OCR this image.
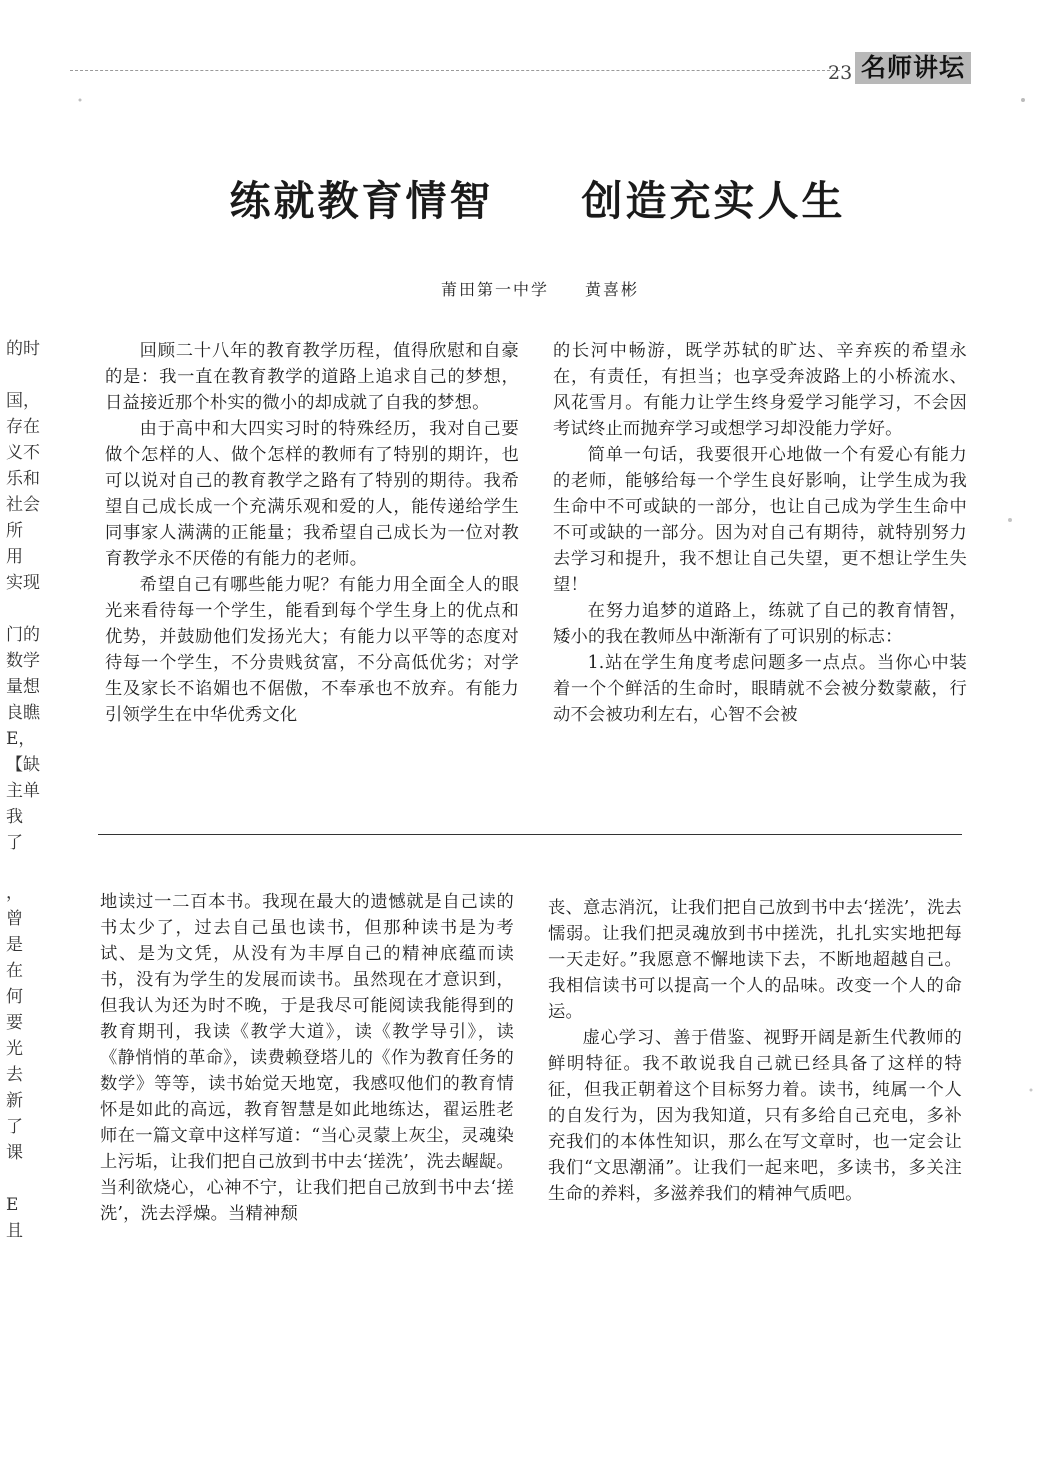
23 名师讲坛
练就教育情智　　创造充实人生
莆田第一中学　　黄喜彬
的时
国，
存在
义不
乐和
社会
所
用
实现
门的
数学
量想
良瞧
E，
【缺
主单
我
了
，
曾
是
在
何
要
光
去
新
了
课
E
且

回顾二十八年的教育教学历程，值得欣慰和自豪的是：我一直在教育教学的道路上追求自己的梦想，日益接近那个朴实的微小的却成就了自我的梦想。

由于高中和大四实习时的特殊经历，我对自己要做个怎样的人、做个怎样的教师有了特别的期许，也可以说对自己的教育教学之路有了特别的期待。我希望自己成长成一个充满乐观和爱的人，能传递给学生同事家人满满的正能量；我希望自己成长为一位对教育教学永不厌倦的有能力的老师。

希望自己有哪些能力呢？有能力用全面全人的眼光来看待每一个学生，能看到每个学生身上的优点和优势，并鼓励他们发扬光大；有能力以平等的态度对待每一个学生，不分贵贱贫富，不分高低优劣；对学生及家长不谄媚也不倨傲，不奉承也不放弃。有能力引领学生在中华优秀文化

的长河中畅游，既学苏轼的旷达、辛弃疾的希望永在，有责任，有担当；也享受奔波路上的小桥流水、风花雪月。有能力让学生终身爱学习能学习，不会因考试终止而抛弃学习或想学习却没能力学好。

简单一句话，我要很开心地做一个有爱心有能力的老师，能够给每一个学生良好影响，让学生成为我生命中不可或缺的一部分，也让自己成为学生生命中不可或缺的一部分。因为对自己有期待，就特别努力去学习和提升，我不想让自己失望，更不想让学生失望！

在努力追梦的道路上，练就了自己的教育情智，矮小的我在教师丛中渐渐有了可识别的标志：

1.站在学生角度考虑问题多一点点。当你心中装着一个个鲜活的生命时，眼睛就不会被分数蒙蔽，行动不会被功利左右，心智不会被

地读过一二百本书。我现在最大的遗憾就是自己读的书太少了，过去自己虽也读书，但那种读书是为考试、是为文凭，从没有为丰厚自己的精神底蕴而读书，没有为学生的发展而读书。虽然现在才意识到，但我认为还为时不晚，于是我尽可能阅读我能得到的教育期刊，我读《教学大道》，读《教学导引》，读《静悄悄的革命》，读费赖登塔儿的《作为教育任务的数学》等等，读书始觉天地宽，我感叹他们的教育情怀是如此的高远，教育智慧是如此地练达，翟运胜老师在一篇文章中这样写道：“当心灵蒙上灰尘，灵魂染上污垢，让我们把自己放到书中去‘搓洗’，洗去龌龊。当利欲烧心，心神不宁，让我们把自己放到书中去‘搓洗’，洗去浮燥。当精神颓

丧、意志消沉，让我们把自己放到书中去‘搓洗’，洗去懦弱。让我们把灵魂放到书中搓洗，扎扎实实地把每一天走好。”我愿意不懈地读下去，不断地超越自己。我相信读书可以提高一个人的品味。改变一个人的命运。

虚心学习、善于借鉴、视野开阔是新生代教师的鲜明特征。我不敢说我自己就已经具备了这样的特征，但我正朝着这个目标努力着。读书，纯属一个人的自发行为，因为我知道，只有多给自己充电，多补充我们的本体性知识，那么在写文章时，也一定会让我们“文思潮涌”。让我们一起来吧，多读书，多关注生命的养料，多滋养我们的精神气质吧。
